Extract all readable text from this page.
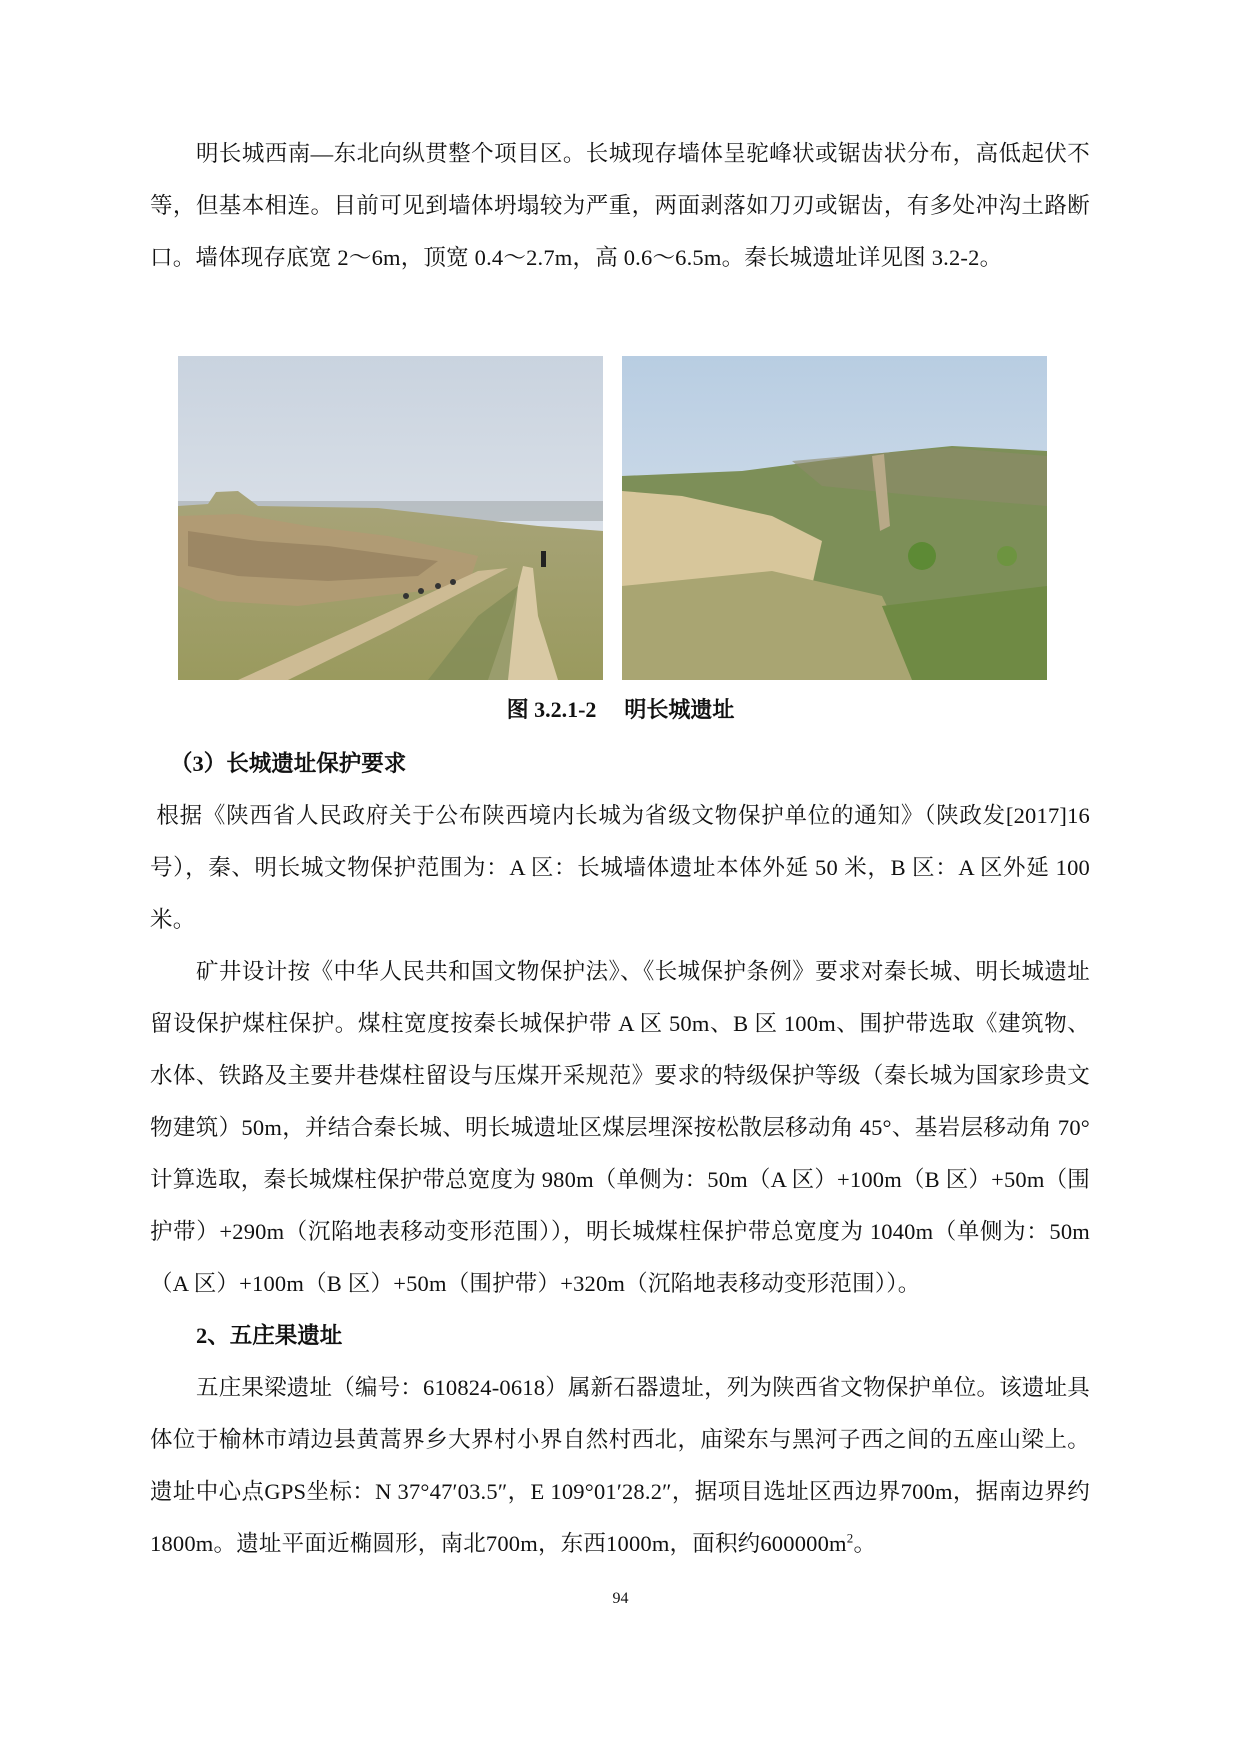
明长城西南—东北向纵贯整个项目区。长城现存墙体呈驼峰状或锯齿状分布，高低起伏不等，但基本相连。目前可见到墙体坍塌较为严重，两面剥落如刀刃或锯齿，有多处冲沟土路断口。墙体现存底宽 2～6m，顶宽 0.4～2.7m，高 0.6～6.5m。秦长城遗址详见图 3.2-2。
图 3.2.1-2 明长城遗址
（3）长城遗址保护要求
根据《陕西省人民政府关于公布陕西境内长城为省级文物保护单位的通知》（陕政发[2017]16 号），秦、明长城文物保护范围为：A 区：长城墙体遗址本体外延 50 米，B 区：A 区外延 100 米。
矿井设计按《中华人民共和国文物保护法》、《长城保护条例》要求对秦长城、明长城遗址留设保护煤柱保护。煤柱宽度按秦长城保护带 A 区 50m、B 区 100m、围护带选取《建筑物、水体、铁路及主要井巷煤柱留设与压煤开采规范》要求的特级保护等级（秦长城为国家珍贵文物建筑）50m，并结合秦长城、明长城遗址区煤层埋深按松散层移动角 45°、基岩层移动角 70°计算选取，秦长城煤柱保护带总宽度为 980m（单侧为：50m（A 区）+100m（B 区）+50m（围护带）+290m（沉陷地表移动变形范围）），明长城煤柱保护带总宽度为 1040m（单侧为：50m（A 区）+100m（B 区）+50m（围护带）+320m（沉陷地表移动变形范围））。
2、五庄果遗址
五庄果梁遗址（编号：610824-0618）属新石器遗址，列为陕西省文物保护单位。该遗址具体位于榆林市靖边县黄蒿界乡大界村小界自然村西北，庙梁东与黑河子西之间的五座山梁上。遗址中心点GPS坐标：N 37°47′03.5″，E 109°01′28.2″，据项目选址区西边界700m，据南边界约1800m。遗址平面近椭圆形，南北700m，东西1000m，面积约$600000m^2$。
94
